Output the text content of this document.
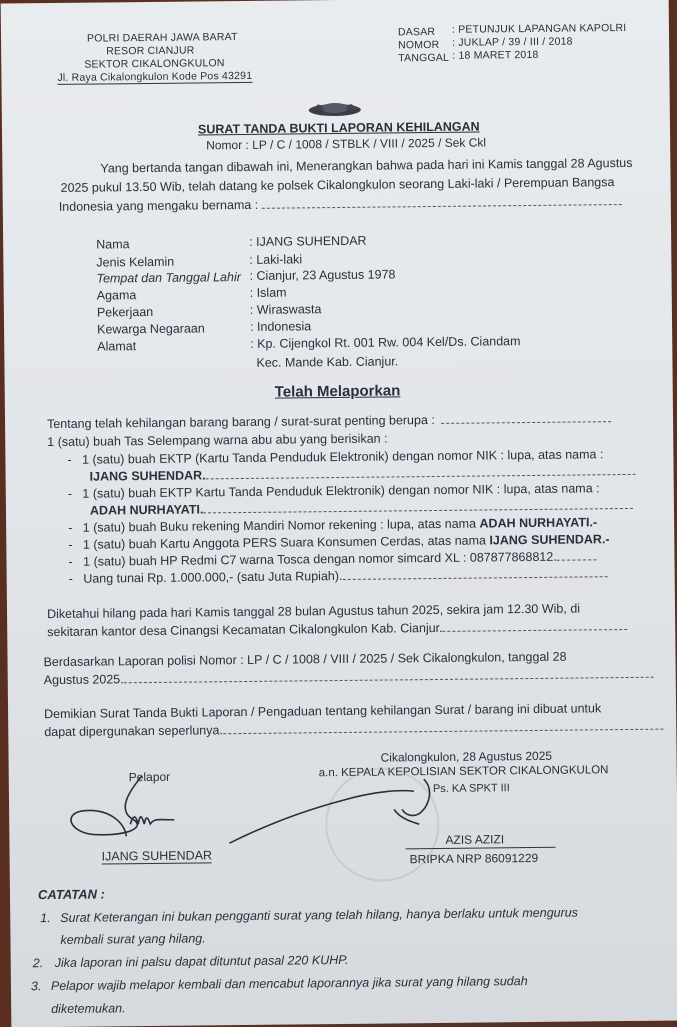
POLRI DAERAH JAWA BARAT
RESOR CIANJUR
SEKTOR CIKALONGKULON
Jl. Raya Cikalongkulon Kode Pos 43291
DASAR : PETUNJUK LAPANGAN KAPOLRI
NOMOR : JUKLAP / 39 / III / 2018
TANGGAL : 18 MARET 2018
SURAT TANDA BUKTI LAPORAN KEHILANGAN
Nomor : LP / C / 1008 / STBLK / VIII / 2025 / Sek Ckl
Yang bertanda tangan dibawah ini, Menerangkan bahwa pada hari ini Kamis tanggal 28 Agustus
2025 pukul 13.50 Wib, telah datang ke polsek Cikalongkulon seorang Laki-laki / Perempuan Bangsa
Indonesia yang mengaku bernama :
Nama
Jenis Kelamin
Tempat dan Tanggal Lahir
Agama
Pekerjaan
Kewarga Negaraan
Alamat
: IJANG SUHENDAR
: Laki-laki
: Cianjur, 23 Agustus 1978
: Islam
: Wiraswasta
: Indonesia
: Kp. Cijengkol Rt. 001 Rw. 004 Kel/Ds. Ciandam
Kec. Mande Kab. Cianjur.
Telah Melaporkan
Tentang telah kehilangan barang barang / surat-surat penting berupa :
1 (satu) buah Tas Selempang warna abu abu yang berisikan :
-   1 (satu) buah EKTP (Kartu Tanda Penduduk Elektronik) dengan nomor NIK : lupa, atas nama :
IJANG SUHENDAR.
-   1 (satu) buah EKTP Kartu Tanda Penduduk Elektronik) dengan nomor NIK : lupa, atas nama :
ADAH NURHAYATI.
-   1 (satu) buah Buku rekening Mandiri Nomor rekening : lupa, atas nama ADAH NURHAYATI.-
-   1 (satu) buah Kartu Anggota PERS Suara Konsumen Cerdas, atas nama IJANG SUHENDAR.-
-   1 (satu) buah HP Redmi C7 warna Tosca dengan nomor simcard XL : 087877868812.
-   Uang tunai Rp. 1.000.000,- (satu Juta Rupiah).
Diketahui hilang pada hari Kamis tanggal 28 bulan Agustus tahun 2025, sekira jam 12.30 Wib, di
sekitaran kantor desa Cinangsi Kecamatan Cikalongkulon Kab. Cianjur.
Berdasarkan Laporan polisi Nomor : LP / C / 1008 / VIII / 2025 / Sek Cikalongkulon, tanggal 28
Agustus 2025.
Demikian Surat Tanda Bukti Laporan / Pengaduan tentang kehilangan Surat / barang ini dibuat untuk
dapat dipergunakan seperlunya.
Cikalongkulon, 28 Agustus 2025
a.n. KEPALA KEPOLISIAN SEKTOR CIKALONGKULON
Ps. KA SPKT III
Pelapor
IJANG SUHENDAR
AZIS AZIZI
BRIPKA NRP 86091229
CATATAN :
1. Surat Keterangan ini bukan pengganti surat yang telah hilang, hanya berlaku untuk mengurus
kembali surat yang hilang.
2. Jika laporan ini palsu dapat dituntut pasal 220 KUHP.
3. Pelapor wajib melapor kembali dan mencabut laporannya jika surat yang hilang sudah
diketemukan.
